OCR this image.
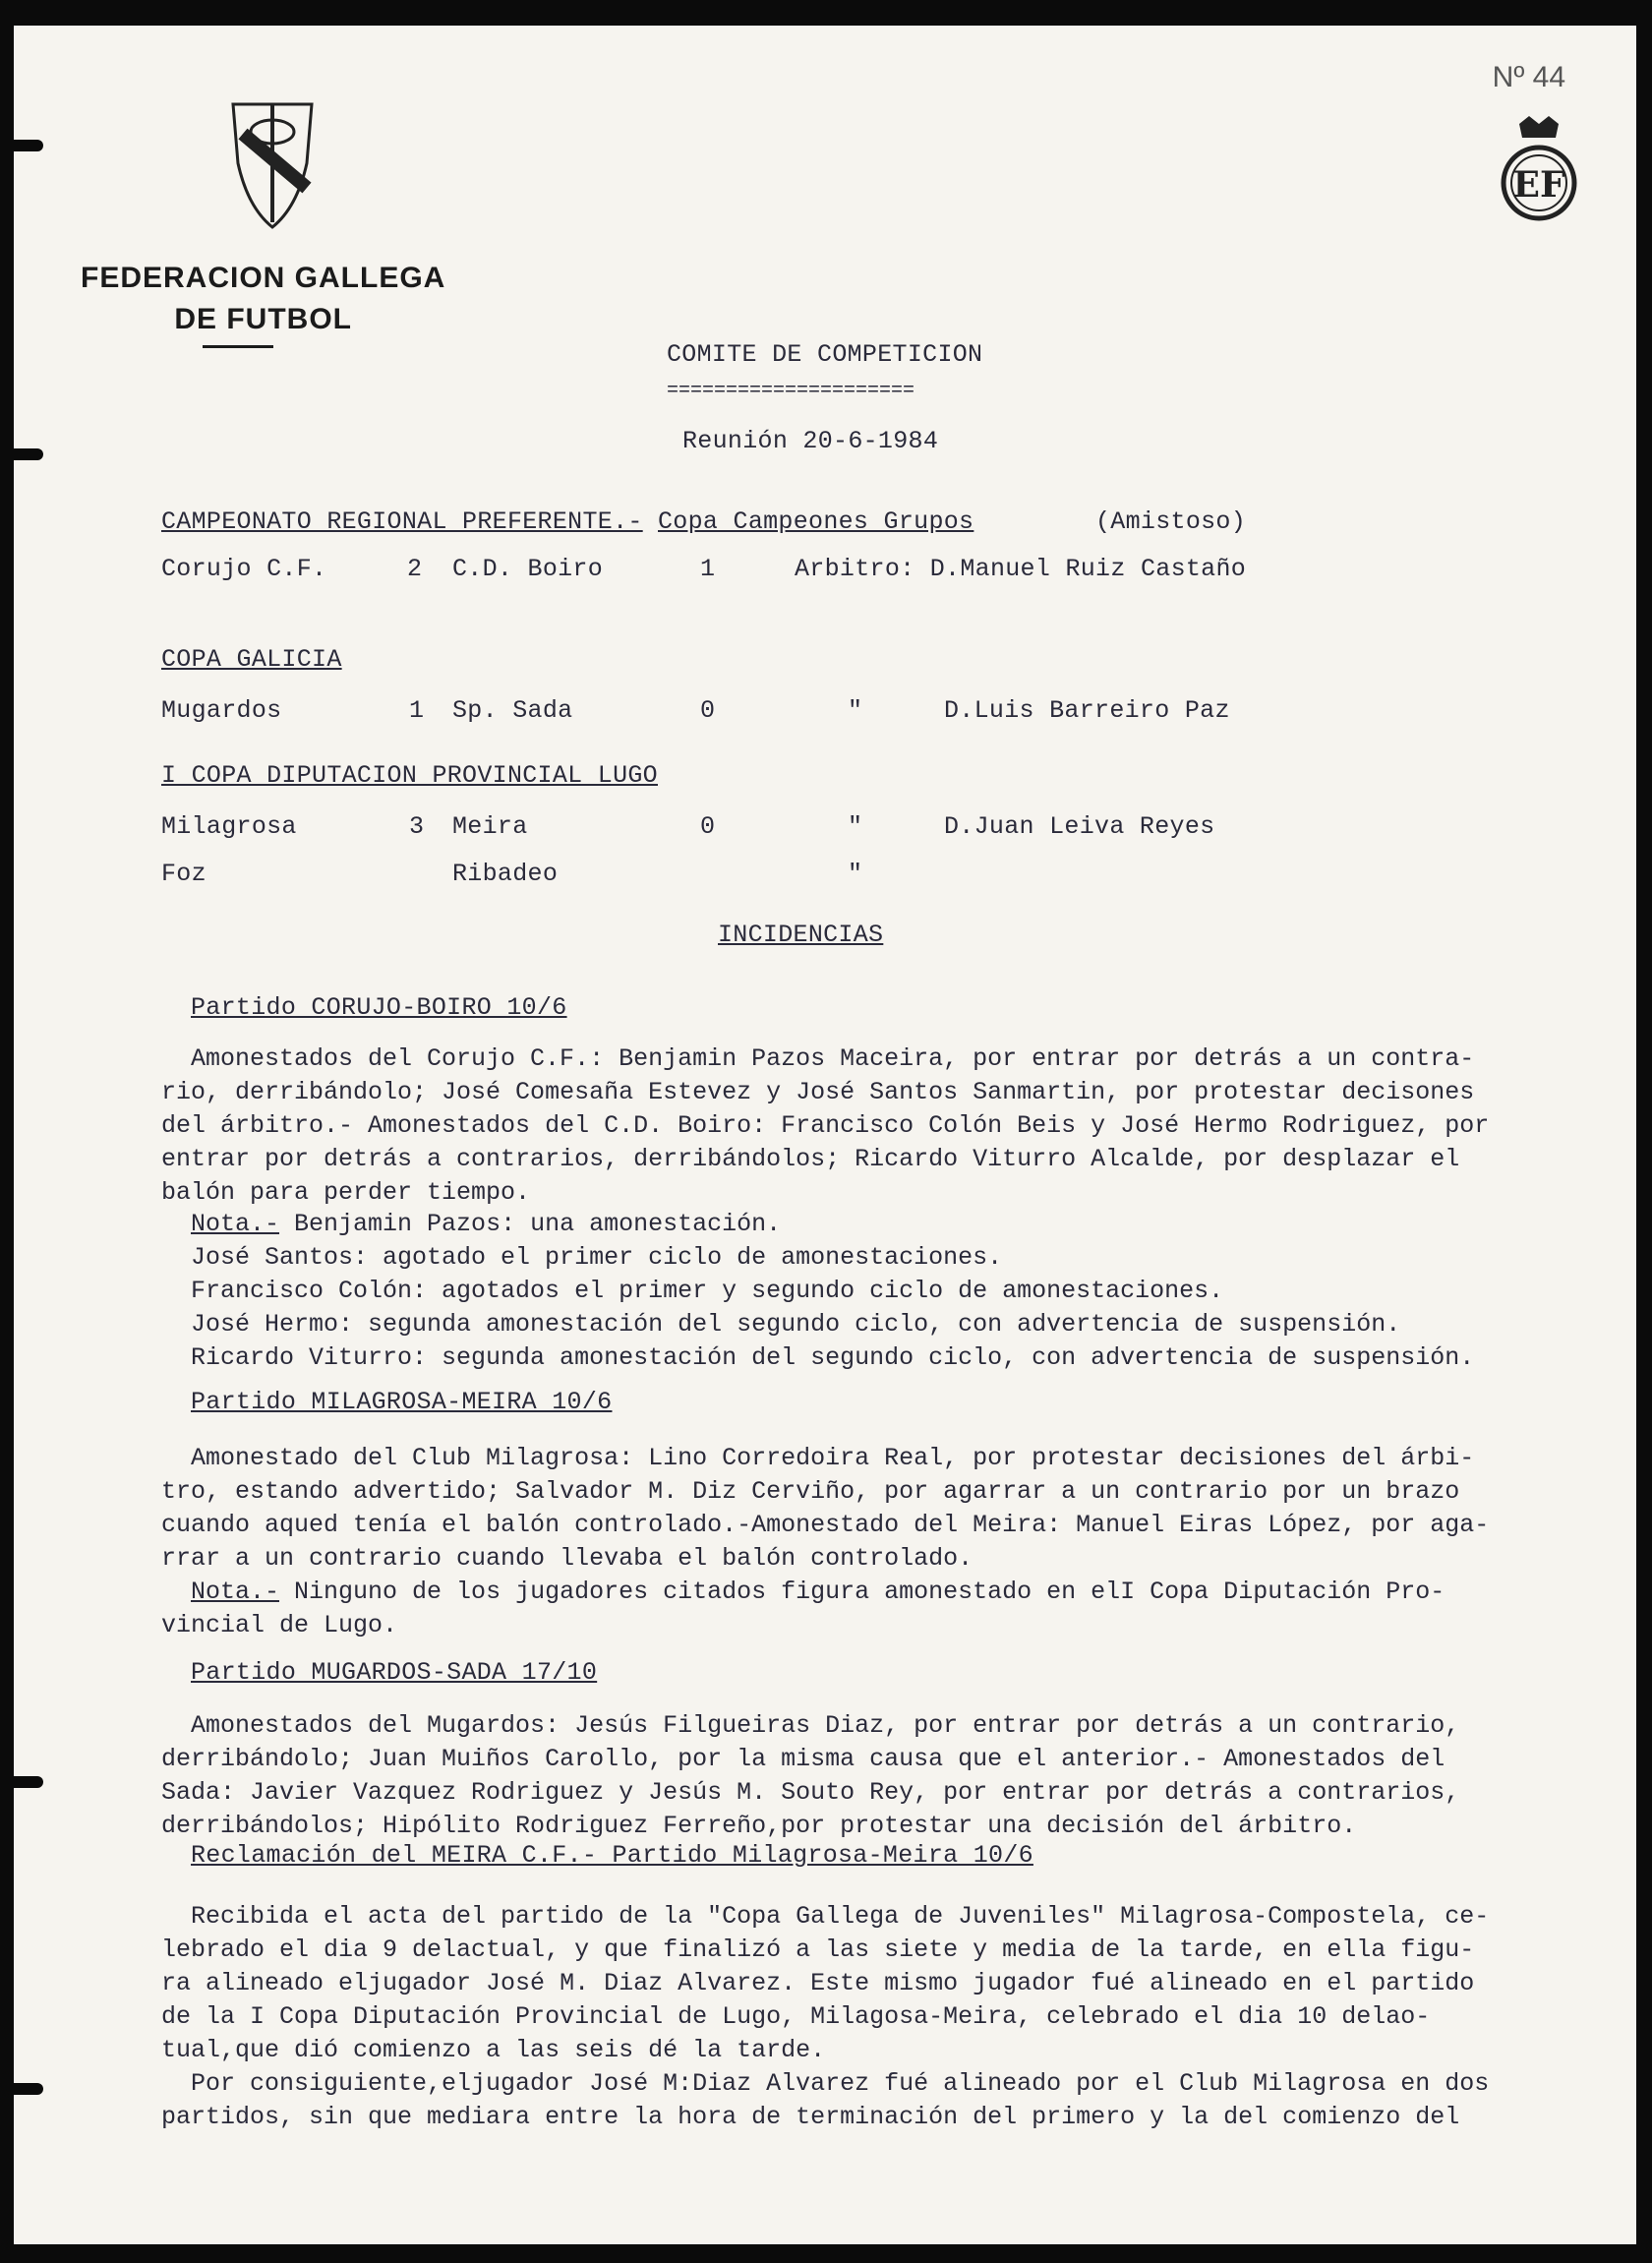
Nº 44
FEDERACION GALLEGA
DE FUTBOL
EF
COMITE DE COMPETICION
=====================
Reunión 20-6-1984
CAMPEONATO REGIONAL PREFERENTE.- Copa Campeones Grupos	(Amistoso)
Corujo C.F.	2 C.D. Boiro	1	Arbitro: D.Manuel Ruiz Castaño
COPA GALICIA
Mugardos	1 Sp. Sada	0	"	D.Luis Barreiro Paz
I COPA DIPUTACION PROVINCIAL LUGO
Milagrosa	3 Meira	0	"	D.Juan Leiva Reyes
Foz	Ribadeo	"
INCIDENCIAS
Partido CORUJO-BOIRO 10/6
Amonestados del Corujo C.F.: Benjamin Pazos Maceira, por entrar por detrás a un contra-
rio, derribándolo; José Comesaña Estevez y José Santos Sanmartin, por protestar decisones
del árbitro.- Amonestados del C.D. Boiro: Francisco Colón Beis y José Hermo Rodriguez, por
entrar por detrás a contrarios, derribándolos; Ricardo Viturro Alcalde, por desplazar el
balón para perder tiempo.
Nota.- Benjamin Pazos: una amonestación.
José Santos: agotado el primer ciclo de amonestaciones.
Francisco Colón: agotados el primer y segundo ciclo de amonestaciones.
José Hermo: segunda amonestación del segundo ciclo, con advertencia de suspensión.
Ricardo Viturro: segunda amonestación del segundo ciclo, con advertencia de suspensión.
Partido MILAGROSA-MEIRA 10/6
Amonestado del Club Milagrosa: Lino Corredoira Real, por protestar decisiones del árbi-
tro, estando advertido; Salvador M. Diz Cerviño, por agarrar a un contrario por un brazo
cuando aqued tenía el balón controlado.-Amonestado del Meira: Manuel Eiras López, por aga-
rrar a un contrario cuando llevaba el balón controlado.
Nota.- Ninguno de los jugadores citados figura amonestado en elI Copa Diputación Pro-
vincial de Lugo.
Partido MUGARDOS-SADA 17/10
Amonestados del Mugardos: Jesús Filgueiras Diaz, por entrar por detrás a un contrario,
derribándolo; Juan Muiños Carollo, por la misma causa que el anterior.- Amonestados del
Sada: Javier Vazquez Rodriguez y Jesús M. Souto Rey, por entrar por detrás a contrarios,
derribándolos; Hipólito Rodriguez Ferreño,por protestar una decisión del árbitro.
Reclamación del MEIRA C.F.- Partido Milagrosa-Meira 10/6
Recibida el acta del partido de la "Copa Gallega de Juveniles" Milagrosa-Compostela, ce-
lebrado el dia 9 delactual, y que finalizó a las siete y media de la tarde, en ella figu-
ra alineado eljugador José M. Diaz Alvarez. Este mismo jugador fué alineado en el partido
de la I Copa Diputación Provincial de Lugo, Milagosa-Meira, celebrado el dia 10 delao-
tual,que dió comienzo a las seis dé la tarde.
Por consiguiente,eljugador José M:Diaz Alvarez fué alineado por el Club Milagrosa en dos
partidos, sin que mediara entre la hora de terminación del primero y la del comienzo del
